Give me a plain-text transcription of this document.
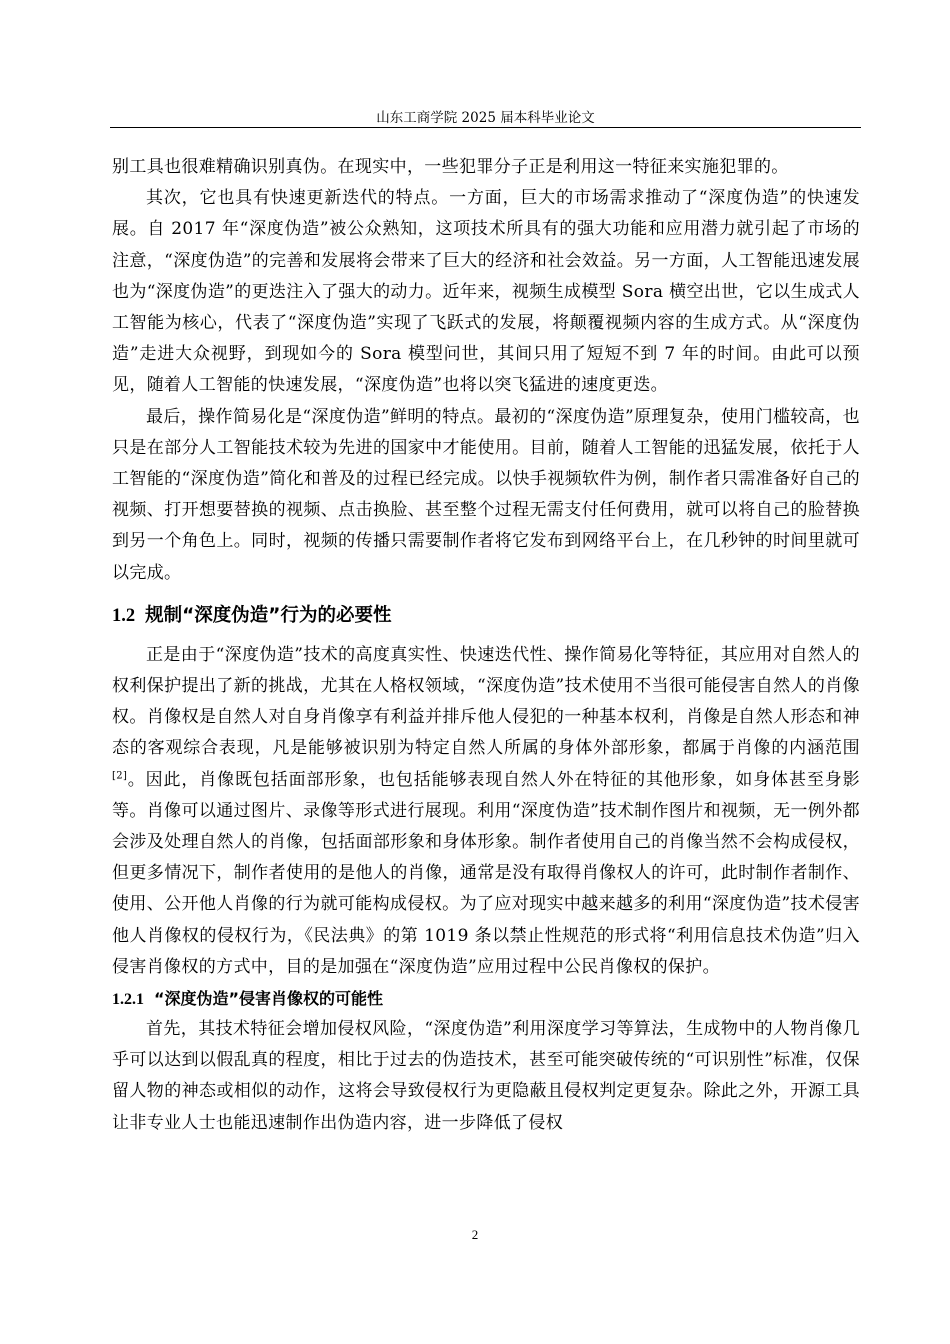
山东工商学院 2025 届本科毕业论文

别工具也很难精确识别真伪。在现实中，一些犯罪分子正是利用这一特征来实施犯罪的。

其次，它也具有快速更新迭代的特点。一方面，巨大的市场需求推动了“深度伪造”的快速发展。自 2017 年“深度伪造”被公众熟知，这项技术所具有的强大功能和应用潜力就引起了市场的注意，“深度伪造”的完善和发展将会带来了巨大的经济和社会效益。另一方面，人工智能迅速发展也为“深度伪造”的更迭注入了强大的动力。近年来，视频生成模型 Sora 横空出世，它以生成式人工智能为核心，代表了“深度伪造”实现了飞跃式的发展，将颠覆视频内容的生成方式。从“深度伪造”走进大众视野，到现如今的 Sora 模型问世，其间只用了短短不到 7 年的时间。由此可以预见，随着人工智能的快速发展，“深度伪造”也将以突飞猛进的速度更迭。

最后，操作简易化是“深度伪造”鲜明的特点。最初的“深度伪造”原理复杂，使用门槛较高，也只是在部分人工智能技术较为先进的国家中才能使用。目前，随着人工智能的迅猛发展，依托于人工智能的“深度伪造”简化和普及的过程已经完成。以快手视频软件为例，制作者只需准备好自己的视频、打开想要替换的视频、点击换脸、甚至整个过程无需支付任何费用，就可以将自己的脸替换到另一个角色上。同时，视频的传播只需要制作者将它发布到网络平台上，在几秒钟的时间里就可以完成。

1.2 规制“深度伪造”行为的必要性

正是由于“深度伪造”技术的高度真实性、快速迭代性、操作简易化等特征，其应用对自然人的权利保护提出了新的挑战，尤其在人格权领域，“深度伪造”技术使用不当很可能侵害自然人的肖像权。肖像权是自然人对自身肖像享有利益并排斥他人侵犯的一种基本权利，肖像是自然人形态和神态的客观综合表现，凡是能够被识别为特定自然人所属的身体外部形象，都属于肖像的内涵范围[2]。因此，肖像既包括面部形象，也包括能够表现自然人外在特征的其他形象，如身体甚至身影等。肖像可以通过图片、录像等形式进行展现。利用“深度伪造”技术制作图片和视频，无一例外都会涉及处理自然人的肖像，包括面部形象和身体形象。制作者使用自己的肖像当然不会构成侵权，但更多情况下，制作者使用的是他人的肖像，通常是没有取得肖像权人的许可，此时制作者制作、使用、公开他人肖像的行为就可能构成侵权。为了应对现实中越来越多的利用“深度伪造”技术侵害他人肖像权的侵权行为，《民法典》的第 1019 条以禁止性规范的形式将“利用信息技术伪造”归入侵害肖像权的方式中，目的是加强在“深度伪造”应用过程中公民肖像权的保护。

1.2.1 “深度伪造”侵害肖像权的可能性

首先，其技术特征会增加侵权风险，“深度伪造”利用深度学习等算法，生成物中的人物肖像几乎可以达到以假乱真的程度，相比于过去的伪造技术，甚至可能突破传统的“可识别性”标准，仅保留人物的神态或相似的动作，这将会导致侵权行为更隐蔽且侵权判定更复杂。除此之外，开源工具让非专业人士也能迅速制作出伪造内容，进一步降低了侵权

2
